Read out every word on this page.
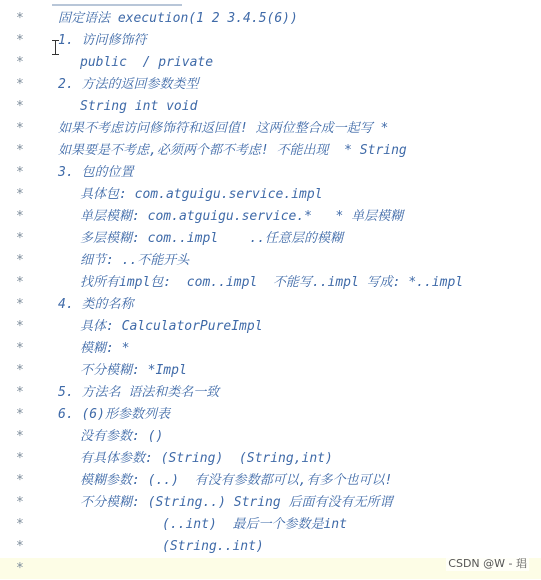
*
*
*
*
*
*
*
*
*
*
*
*
*
*
*
*
*
*
*
*
*
*
*
*
*
*
固定语法 execution(1 2 3.4.5(6))
1. 访问修饰符
public  / private
2. 方法的返回参数类型
String int void
如果不考虑访问修饰符和返回值! 这两位整合成一起写 *
如果要是不考虑,必须两个都不考虑! 不能出现  * String
3. 包的位置
具体包: com.atguigu.service.impl
单层模糊: com.atguigu.service.*   * 单层模糊
多层模糊: com..impl    ..任意层的模糊
细节: ..不能开头
找所有impl包:  com..impl  不能写..impl 写成: *..impl
4. 类的名称
具体: CalculatorPureImpl
模糊: *
不分模糊: *Impl
5. 方法名 语法和类名一致
6. (6)形参数列表
没有参数: ()
有具体参数: (String)  (String,int)
模糊参数: (..)  有没有参数都可以,有多个也可以!
不分模糊: (String..) String 后面有没有无所谓
(..int)  最后一个参数是int
(String..int)
CSDN @W - 琩
